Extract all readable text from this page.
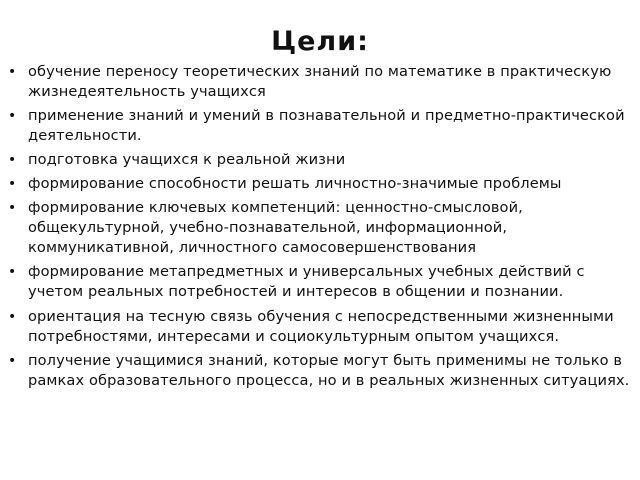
Цели:
• обучение переносу теоретических знаний по математике в практическую жизнедеятельность учащихся
• применение знаний и умений в познавательной и предметно-практической деятельности.
• подготовка учащихся к реальной жизни
• формирование способности решать личностно-значимые проблемы
• формирование ключевых компетенций: ценностно-смысловой, общекультурной, учебно-познавательной, информационной, коммуникативной, личностного самосовершенствования
• формирование метапредметных и универсальных учебных действий с учетом реальных потребностей и интересов в общении и познании.
• ориентация на тесную связь обучения с непосредственными жизненными потребностями, интересами и социокультурным опытом учащихся.
• получение учащимися знаний, которые могут быть применимы не только в рамках образовательного процесса, но и в реальных жизненных ситуациях.
